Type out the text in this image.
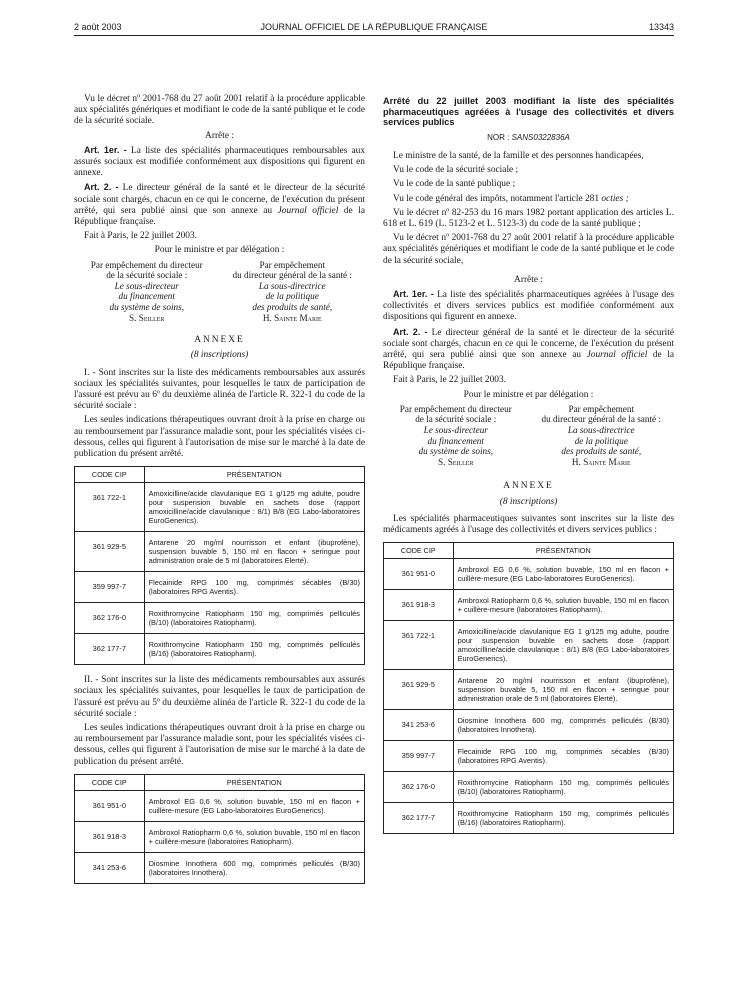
2 août 2003	JOURNAL OFFICIEL DE LA RÉPUBLIQUE FRANÇAISE	13343

Vu le décret nº 2001-768 du 27 août 2001 relatif à la procédure applicable aux spécialités génériques et modifiant le code de la santé publique et le code de la sécurité sociale.

Arrête :

Art. 1er. - La liste des spécialités pharmaceutiques remboursables aux assurés sociaux est modifiée conformément aux dispositions qui figurent en annexe.

Art. 2. - Le directeur général de la santé et le directeur de la sécurité sociale sont chargés, chacun en ce qui le concerne, de l'exécution du présent arrêté, qui sera publié ainsi que son annexe au Journal officiel de la République française.

Fait à Paris, le 22 juillet 2003.

Pour le ministre et par délégation :

Par empêchement du directeur
de la sécurité sociale :
Le sous-directeur
du financement
du système de soins,
S. Seiller
Par empêchement
du directeur général de la santé :
La sous-directrice
de la politique
des produits de santé,
H. Sainte Marie
ANNEXE
(8 inscriptions)

I. - Sont inscrites sur la liste des médicaments remboursables aux assurés sociaux les spécialités suivantes, pour lesquelles le taux de participation de l'assuré est prévu au 6º du deuxième alinéa de l'article R. 322-1 du code de la sécurité sociale :

Les seules indications thérapeutiques ouvrant droit à la prise en charge ou au remboursement par l'assurance maladie sont, pour les spécialités visées ci-dessous, celles qui figurent à l'autorisation de mise sur le marché à la date de publication du présent arrêté.

CODE CIP	PRÉSENTATION
361 722-1	Amoxicilline/acide clavulanique EG 1 g/125 mg adulte, poudre pour suspension buvable en sachets dose (rapport amoxicilline/acide clavulanique : 8/1) B/8 (EG Labo-laboratoires EuroGenerics).
361 929-5	Antarene 20 mg/ml nourrisson et enfant (ibuprofène), suspension buvable 5, 150 ml en flacon + seringue pour administration orale de 5 ml (laboratoires Elerté).
359 997-7	Flecainide RPG 100 mg, comprimés sécables (B/30) (laboratoires RPG Aventis).
362 176-0	Roxithromycine Ratiopharm 150 mg, comprimés pelliculés (B/10) (laboratoires Ratiopharm).
362 177-7	Roxithromycine Ratiopharm 150 mg, comprimés pelliculés (B/16) (laboratoires Ratiopharm).

II. - Sont inscrites sur la liste des médicaments remboursables aux assurés sociaux les spécialités suivantes, pour lesquelles le taux de participation de l'assuré est prévu au 5º du deuxième alinéa de l'article R. 322-1 du code de la sécurité sociale :

Les seules indications thérapeutiques ouvrant droit à la prise en charge ou au remboursement par l'assurance maladie sont, pour les spécialités visées ci-dessous, celles qui figurent à l'autorisation de mise sur le marché à la date de publication du présent arrêté.

CODE CIP	PRÉSENTATION
361 951-0	Ambroxol EG 0,6 %, solution buvable, 150 ml en flacon + cuillère-mesure (EG Labo-laboratoires EuroGenerics).
361 918-3	Ambroxol Ratiopharm 0,6 %, solution buvable, 150 ml en flacon + cuillère-mesure (laboratoires Ratiopharm).
341 253-6	Diosmine Innothera 600 mg, comprimés pelliculés (B/30) (laboratoires Innothera).
Arrêté du 22 juillet 2003 modifiant la liste des spécialités pharmaceutiques agréées à l'usage des collectivités et divers services publics
NOR : SANS0322836A

Le ministre de la santé, de la famille et des personnes handicapées,

Vu le code de la sécurité sociale ;

Vu le code de la santé publique ;

Vu le code général des impôts, notamment l'article 281 octies ;

Vu le décret nº 82-253 du 16 mars 1982 portant application des articles L. 618 et L. 619 (L. 5123-2 et L. 5123-3) du code de la santé publique ;

Vu le décret nº 2001-768 du 27 août 2001 relatif à la procédure applicable aux spécialités génériques et modifiant le code de la santé publique et le code de la sécurité sociale,

Arrête :

Art. 1er. - La liste des spécialités pharmaceutiques agréées à l'usage des collectivités et divers services publics est modifiée conformément aux dispositions qui figurent en annexe.

Art. 2. - Le directeur général de la santé et le directeur de la sécurité sociale sont chargés, chacun en ce qui le concerne, de l'exécution du présent arrêté, qui sera publié ainsi que son annexe au Journal officiel de la République française.

Fait à Paris, le 22 juillet 2003.

Pour le ministre et par délégation :

Par empêchement du directeur
de la sécurité sociale :
Le sous-directeur
du financement
du système de soins,
S. Seiller
Par empêchement
du directeur général de la santé :
La sous-directrice
de la politique
des produits de santé,
H. Sainte Marie
ANNEXE
(8 inscriptions)

Les spécialités pharmaceutiques suivantes sont inscrites sur la liste des médicaments agréés à l'usage des collectivités et divers services publics :

CODE CIP	PRÉSENTATION
361 951-0	Ambroxol EG 0,6 %, solution buvable, 150 ml en flacon + cuillère-mesure (EG Labo-laboratoires EuroGenerics).
361 918-3	Ambroxol Ratiopharm 0,6 %, solution buvable, 150 ml en flacon + cuillère-mesure (laboratoires Ratiopharm).
361 722-1	Amoxicilline/acide clavulanique EG 1 g/125 mg adulte, poudre pour suspension buvable en sachets dose (rapport amoxicilline/acide clavulanique : 8/1) B/8 (EG Labo-laboratoires EuroGenerics).
361 929-5	Antarene 20 mg/ml nourrisson et enfant (ibuprofène), suspension buvable 5, 150 ml en flacon + seringue pour administration orale de 5 ml (laboratoires Elerté).
341 253-6	Diosmine Innothera 600 mg, comprimés pelliculés (B/30) (laboratoires Innothera).
359 997-7	Flecainide RPG 100 mg, comprimés sécables (B/30) (laboratoires RPG Aventis).
362 176-0	Roxithromycine Ratiopharm 150 mg, comprimés pelliculés (B/10) (laboratoires Ratiopharm).
362 177-7	Roxithromycine Ratiopharm 150 mg, comprimés pelliculés (B/16) (laboratoires Ratiopharm).
